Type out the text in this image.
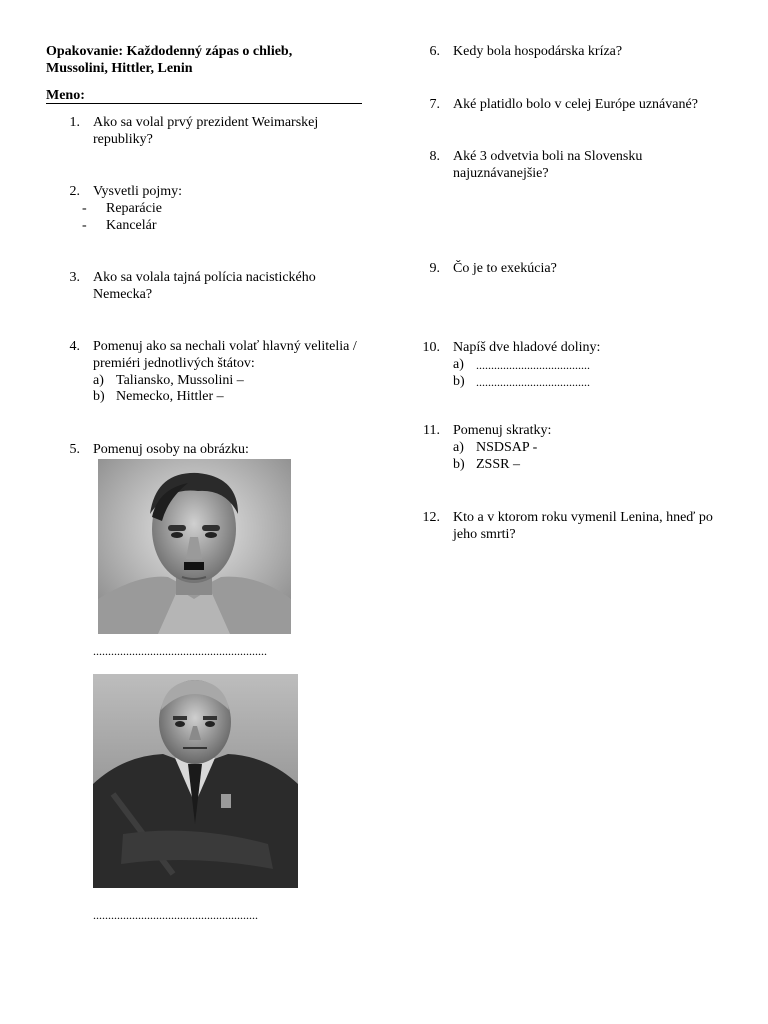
Opakovanie: Každodenný zápas o chlieb,
Mussolini, Hittler, Lenin
Meno:
1. Ako sa volal prvý prezident Weimarskej republiky?
2. Vysvetli pojmy:
- Reparácie
- Kancelár
3. Ako sa volala tajná polícia nacistického Nemecka?
4. Pomenuj ako sa nechali volať hlavný velitelia / premiéri jednotlivých štátov:
a) Taliansko, Mussolini –
b) Nemecko, Hittler –
5. Pomenuj osoby na obrázku:
..........................................................
.......................................................
6. Kedy bola hospodárska kríza?
7. Aké platidlo bolo v celej Európe uznávané?
8. Aké 3 odvetvia boli na Slovensku najuznávanejšie?
9. Čo je to exekúcia?
10. Napíš dve hladové doliny:
a) ......................................
b) ......................................
11. Pomenuj skratky:
a) NSDSAP -
b) ZSSR –
12. Kto a v ktorom roku vymenil Lenina, hneď po jeho smrti?
